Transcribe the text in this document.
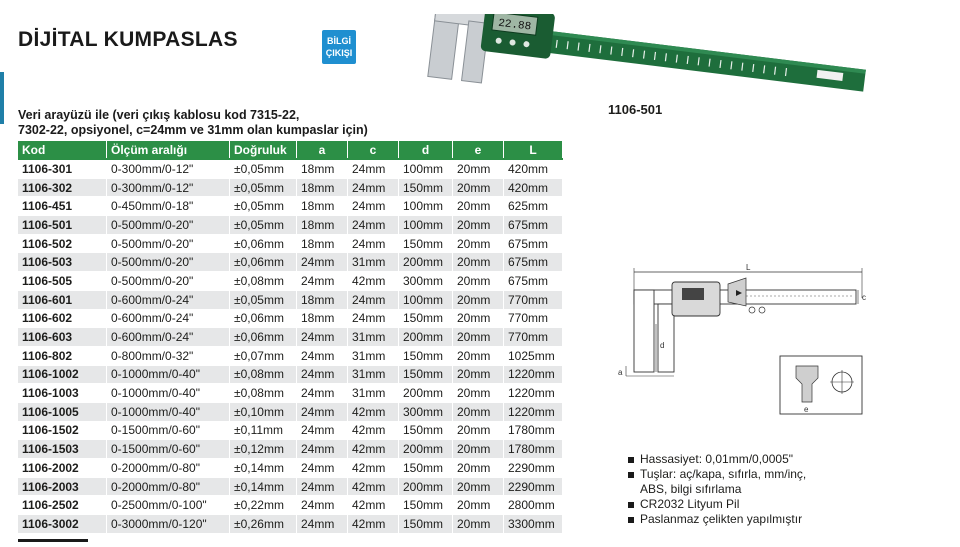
DİJİTAL KUMPASLAS	BİLGİ
ÇIKIŞI
22.88
1106-501
Veri arayüzü ile (veri çıkış kablosu kod 7315-22,
7302-22, opsiyonel, c=24mm ve 31mm olan kumpaslar için)
Kod	Ölçüm aralığı	Doğruluk	a	c	d	e	L
1106-301	0-300mm/0-12"	±0,05mm	18mm	24mm	100mm	20mm	420mm
1106-302	0-300mm/0-12"	±0,05mm	18mm	24mm	150mm	20mm	420mm
1106-451	0-450mm/0-18"	±0,05mm	18mm	24mm	100mm	20mm	625mm
1106-501	0-500mm/0-20"	±0,05mm	18mm	24mm	100mm	20mm	675mm
1106-502	0-500mm/0-20"	±0,06mm	18mm	24mm	150mm	20mm	675mm
1106-503	0-500mm/0-20"	±0,06mm	24mm	31mm	200mm	20mm	675mm
1106-505	0-500mm/0-20"	±0,08mm	24mm	42mm	300mm	20mm	675mm
1106-601	0-600mm/0-24"	±0,05mm	18mm	24mm	100mm	20mm	770mm
1106-602	0-600mm/0-24"	±0,06mm	18mm	24mm	150mm	20mm	770mm
1106-603	0-600mm/0-24"	±0,06mm	24mm	31mm	200mm	20mm	770mm
1106-802	0-800mm/0-32"	±0,07mm	24mm	31mm	150mm	20mm	1025mm
1106-1002	0-1000mm/0-40"	±0,08mm	24mm	31mm	150mm	20mm	1220mm
1106-1003	0-1000mm/0-40"	±0,08mm	24mm	31mm	200mm	20mm	1220mm
1106-1005	0-1000mm/0-40"	±0,10mm	24mm	42mm	300mm	20mm	1220mm
1106-1502	0-1500mm/0-60"	±0,11mm	24mm	42mm	150mm	20mm	1780mm
1106-1503	0-1500mm/0-60"	±0,12mm	24mm	42mm	200mm	20mm	1780mm
1106-2002	0-2000mm/0-80"	±0,14mm	24mm	42mm	150mm	20mm	2290mm
1106-2003	0-2000mm/0-80"	±0,14mm	24mm	42mm	200mm	20mm	2290mm
1106-2502	0-2500mm/0-100"	±0,22mm	24mm	42mm	150mm	20mm	2800mm
1106-3002	0-3000mm/0-120"	±0,26mm	24mm	42mm	150mm	20mm	3300mm
L
c
d
a
e
Hassasiyet: 0,01mm/0,0005"
Tuşlar: aç/kapa, sıfırla, mm/inç,
ABS, bilgi sıfırlama
CR2032 Lityum Pil
Paslanmaz çelikten yapılmıştır
